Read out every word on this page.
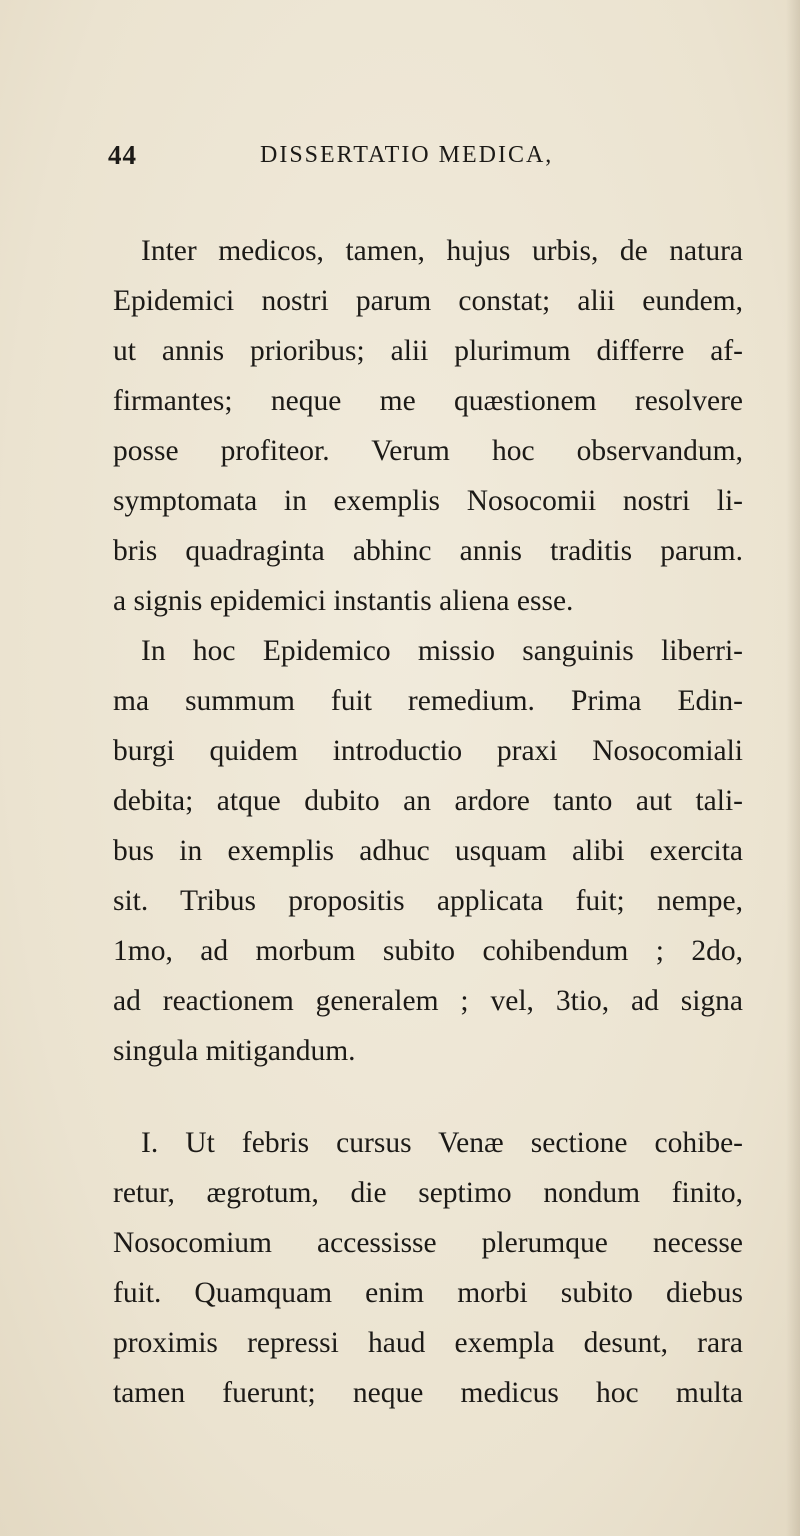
44	DISSERTATIO MEDICA,
Inter medicos, tamen, hujus urbis, de natura
Epidemici nostri parum constat; alii eundem,
ut annis prioribus; alii plurimum differre af-
firmantes; neque me quæstionem resolvere
posse profiteor. Verum hoc observandum,
symptomata in exemplis Nosocomii nostri li-
bris quadraginta abhinc annis traditis parum.
a signis epidemici instantis aliena esse.
In hoc Epidemico missio sanguinis liberri-
ma summum fuit remedium. Prima Edin-
burgi quidem introductio praxi Nosocomiali
debita; atque dubito an ardore tanto aut tali-
bus in exemplis adhuc usquam alibi exercita
sit. Tribus propositis applicata fuit; nempe,
1mo, ad morbum subito cohibendum ; 2do,
ad reactionem generalem ; vel, 3tio, ad signa
singula mitigandum.
I. Ut febris cursus Venæ sectione cohibe-
retur, ægrotum, die septimo nondum finito,
Nosocomium accessisse plerumque necesse
fuit. Quamquam enim morbi subito diebus
proximis repressi haud exempla desunt, rara
tamen fuerunt; neque medicus hoc multa
